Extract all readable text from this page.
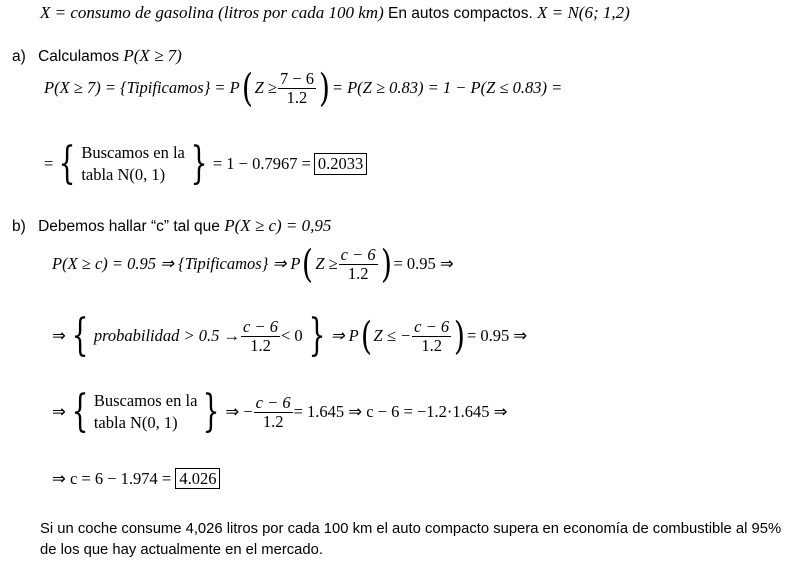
X = consumo de gasolina (litros por cada 100 km) En autos compactos. X = N(6; 1,2)
a) Calculamos P(X ≥ 7)
P(X ≥ 7) = {Tipificamos} = P ( $Z \ge \frac{7 - 6}{1.2}$ ) = P(Z ≥ 0.83) = 1 − P(Z ≤ 0.83) =
= { Buscamos en la
tabla N(0, 1) } = 1 − 0.7967 = 0.2033
b) Debemos hallar “c” tal que P(X ≥ c) = 0,95
P(X ≥ c) = 0.95 ⇒ {Tipificamos} ⇒ P ( $Z \ge \frac{c - 6}{1.2}$ ) = 0.95 ⇒
⇒ { probabilidad > $0.5 \to \frac{c - 6}{1.2} < 0$ } ⇒ P ( Z ≤ − $\frac{c - 6}{1.2}$ ) = 0.95 ⇒
⇒ { Buscamos en la
tabla N(0, 1) } ⇒ − $\frac{c - 6}{1.2} = 1.645$ ⇒ c − 6 = −1.2·1.645 ⇒
⇒ c = 6 − 1.974 = 4.026
Si un coche consume 4,026 litros por cada 100 km el auto compacto supera en economía de combustible al 95%
de los que hay actualmente en el mercado.
